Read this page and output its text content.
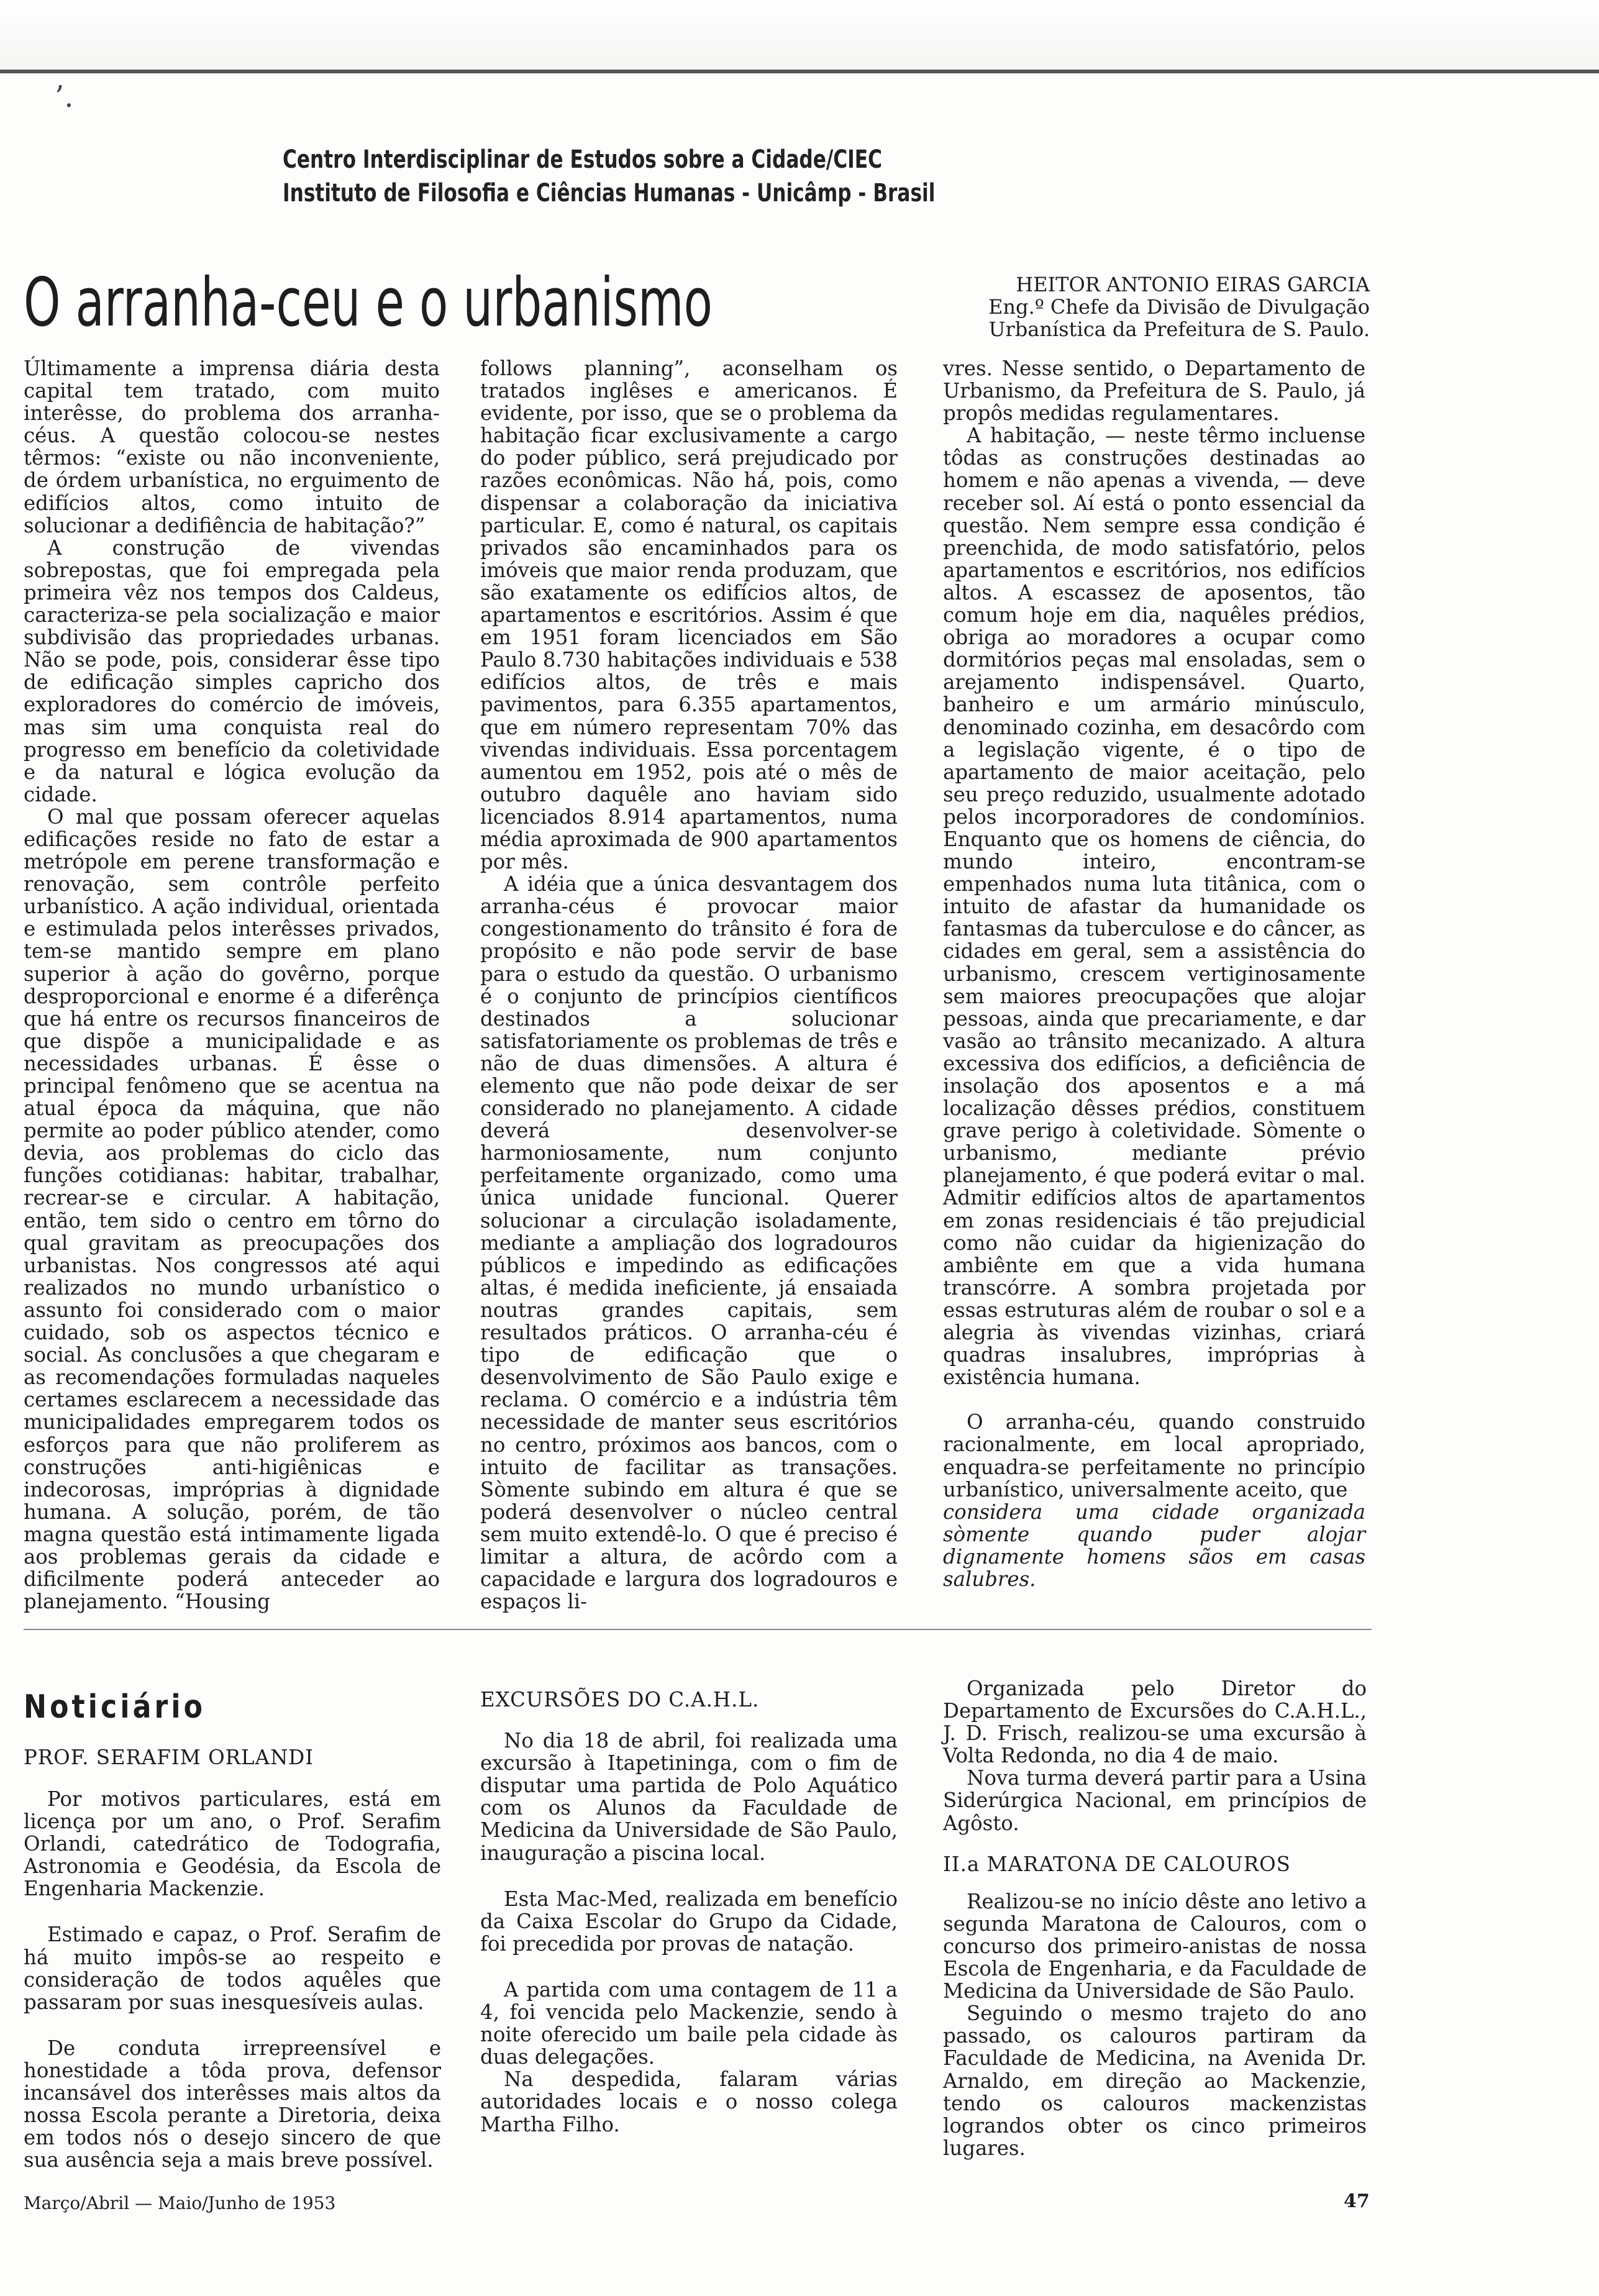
’.
Centro Interdisciplinar de Estudos sobre a Cidade/CIEC
Instituto de Filosofia e Ciências Humanas - Unicâmp - Brasil
O arranha-ceu e o urbanismo	HEITOR ANTONIO EIRAS GARCIA
Eng.º Chefe da Divisão de Divulgação
Urbanística da Prefeitura de S. Paulo.

Últimamente a imprensa diária desta capital tem tratado, com muito interêsse, do problema dos arranha-céus. A questão colocou-se nestes têrmos: “existe ou não inconveniente, de órdem urbanística, no erguimento de edifícios altos, como intuito de solucionar a dedifiência de habitação?”

A construção de vivendas sobrepostas, que foi empregada pela primeira vêz nos tempos dos Caldeus, caracteriza-se pela socialização e maior subdivisão das propriedades urbanas. Não se pode, pois, considerar êsse tipo de edificação simples capricho dos exploradores do comércio de imóveis, mas sim uma conquista real do progresso em benefício da coletividade e da natural e lógica evolução da cidade.

O mal que possam oferecer aquelas edificações reside no fato de estar a metrópole em perene transformação e renovação, sem contrôle perfeito urbanístico. A ação individual, orientada e estimulada pelos interêsses privados, tem-se mantido sempre em plano superior à ação do govêrno, porque desproporcional e enorme é a diferênça que há entre os recursos financeiros de que dispõe a municipalidade e as necessidades urbanas. É êsse o principal fenômeno que se acentua na atual época da máquina, que não permite ao poder público atender, como devia, aos problemas do ciclo das funções cotidianas: habitar, trabalhar, recrear-se e circular. A habitação, então, tem sido o centro em tôrno do qual gravitam as preocupações dos urbanistas. Nos congressos até aqui realizados no mundo urbanístico o assunto foi considerado com o maior cuidado, sob os aspectos técnico e social. As conclusões a que chegaram e as recomendações formuladas naqueles certames esclarecem a necessidade das municipalidades empregarem todos os esforços para que não proliferem as construções anti-higiênicas e indecorosas, impróprias à dignidade humana. A solução, porém, de tão magna questão está intimamente ligada aos problemas gerais da cidade e dificilmente poderá anteceder ao planejamento. “Housing

follows planning”, aconselham os tratados inglêses e americanos. É evidente, por isso, que se o problema da habitação ficar exclusivamente a cargo do poder público, será prejudicado por razões econômicas. Não há, pois, como dispensar a colaboração da iniciativa particular. E, como é natural, os capitais privados são encaminhados para os imóveis que maior renda produzam, que são exatamente os edifícios altos, de apartamentos e escritórios. Assim é que em 1951 foram licenciados em São Paulo 8.730 habitações individuais e 538 edifícios altos, de três e mais pavimentos, para 6.355 apartamentos, que em número representam 70% das vivendas individuais. Essa porcentagem aumentou em 1952, pois até o mês de outubro daquêle ano haviam sido licenciados 8.914 apartamentos, numa média aproximada de 900 apartamentos por mês.

A idéia que a única desvantagem dos arranha-céus é provocar maior congestionamento do trânsito é fora de propósito e não pode servir de base para o estudo da questão. O urbanismo é o conjunto de princípios científicos destinados a solucionar satisfatoriamente os problemas de três e não de duas dimensões. A altura é elemento que não pode deixar de ser considerado no planejamento. A cidade deverá desenvolver-se harmoniosamente, num conjunto perfeitamente organizado, como uma única unidade funcional. Querer solucionar a circulação isoladamente, mediante a ampliação dos logradouros públicos e impedindo as edificações altas, é medida ineficiente, já ensaiada noutras grandes capitais, sem resultados práticos. O arranha-céu é tipo de edificação que o desenvolvimento de São Paulo exige e reclama. O comércio e a indústria têm necessidade de manter seus escritórios no centro, próximos aos bancos, com o intuito de facilitar as transações. Sòmente subindo em altura é que se poderá desenvolver o núcleo central sem muito extendê-lo. O que é preciso é limitar a altura, de acôrdo com a capacidade e largura dos logradouros e espaços li-

vres. Nesse sentido, o Departamento de Urbanismo, da Prefeitura de S. Paulo, já propôs medidas regulamentares.

A habitação, — neste têrmo incluense tôdas as construções destinadas ao homem e não apenas a vivenda, — deve receber sol. Aí está o ponto essencial da questão. Nem sempre essa condição é preenchida, de modo satisfatório, pelos apartamentos e escritórios, nos edifícios altos. A escassez de aposentos, tão comum hoje em dia, naquêles prédios, obriga ao moradores a ocupar como dormitórios peças mal ensoladas, sem o arejamento indispensável. Quarto, banheiro e um armário minúsculo, denominado cozinha, em desacôrdo com a legislação vigente, é o tipo de apartamento de maior aceitação, pelo seu preço reduzido, usualmente adotado pelos incorporadores de condomínios. Enquanto que os homens de ciência, do mundo inteiro, encontram-se empenhados numa luta titânica, com o intuito de afastar da humanidade os fantasmas da tuberculose e do câncer, as cidades em geral, sem a assistência do urbanismo, crescem vertiginosamente sem maiores preocupações que alojar pessoas, ainda que precariamente, e dar vasão ao trânsito mecanizado. A altura excessiva dos edifícios, a deficiência de insolação dos aposentos e a má localização dêsses prédios, constituem grave perigo à coletividade. Sòmente o urbanismo, mediante prévio planejamento, é que poderá evitar o mal. Admitir edifícios altos de apartamentos em zonas residenciais é tão prejudicial como não cuidar da higienização do ambiênte em que a vida humana transcórre. A sombra projetada por essas estruturas além de roubar o sol e a alegria às vivendas vizinhas, criará quadras insalubres, impróprias à existência humana.

O arranha-céu, quando construido racionalmente, em local apropriado, enquadra-se perfeitamente no princípio urbanístico, universalmente aceito, que

considera uma cidade organizada sòmente quando puder alojar dignamente homens sãos em casas salubres.

Noticiário
PROF. SERAFIM ORLANDI

Por motivos particulares, está em licença por um ano, o Prof. Serafim Orlandi, catedrático de Todografia, Astronomia e Geodésia, da Escola de Engenharia Mackenzie.

Estimado e capaz, o Prof. Serafim de há muito impôs-se ao respeito e consideração de todos aquêles que passaram por suas inesquesíveis aulas.

De conduta irrepreensível e honestidade a tôda prova, defensor incansável dos interêsses mais altos da nossa Escola perante a Diretoria, deixa em todos nós o desejo sincero de que sua ausência seja a mais breve possível.

EXCURSÕES DO C.A.H.L.

No dia 18 de abril, foi realizada uma excursão à Itapetininga, com o fim de disputar uma partida de Polo Aquático com os Alunos da Faculdade de Medicina da Universidade de São Paulo, inauguração a piscina local.

Esta Mac-Med, realizada em benefício da Caixa Escolar do Grupo da Cidade, foi precedida por provas de natação.

A partida com uma contagem de 11 a 4, foi vencida pelo Mackenzie, sendo à noite oferecido um baile pela cidade às duas delegações.

Na despedida, falaram várias autoridades locais e o nosso colega Martha Filho.

Organizada pelo Diretor do Departamento de Excursões do C.A.H.L., J. D. Frisch, realizou-se uma excursão à Volta Redonda, no dia 4 de maio.

Nova turma deverá partir para a Usina Siderúrgica Nacional, em princípios de Agôsto.

II.a MARATONA DE CALOUROS

Realizou-se no início dêste ano letivo a segunda Maratona de Calouros, com o concurso dos primeiro-anistas de nossa Escola de Engenharia, e da Faculdade de Medicina da Universidade de São Paulo.

Seguindo o mesmo trajeto do ano passado, os calouros partiram da Faculdade de Medicina, na Avenida Dr. Arnaldo, em direção ao Mackenzie, tendo os calouros mackenzistas lograndos obter os cinco primeiros lugares.

Março/Abril — Maio/Junho de 1953	47
